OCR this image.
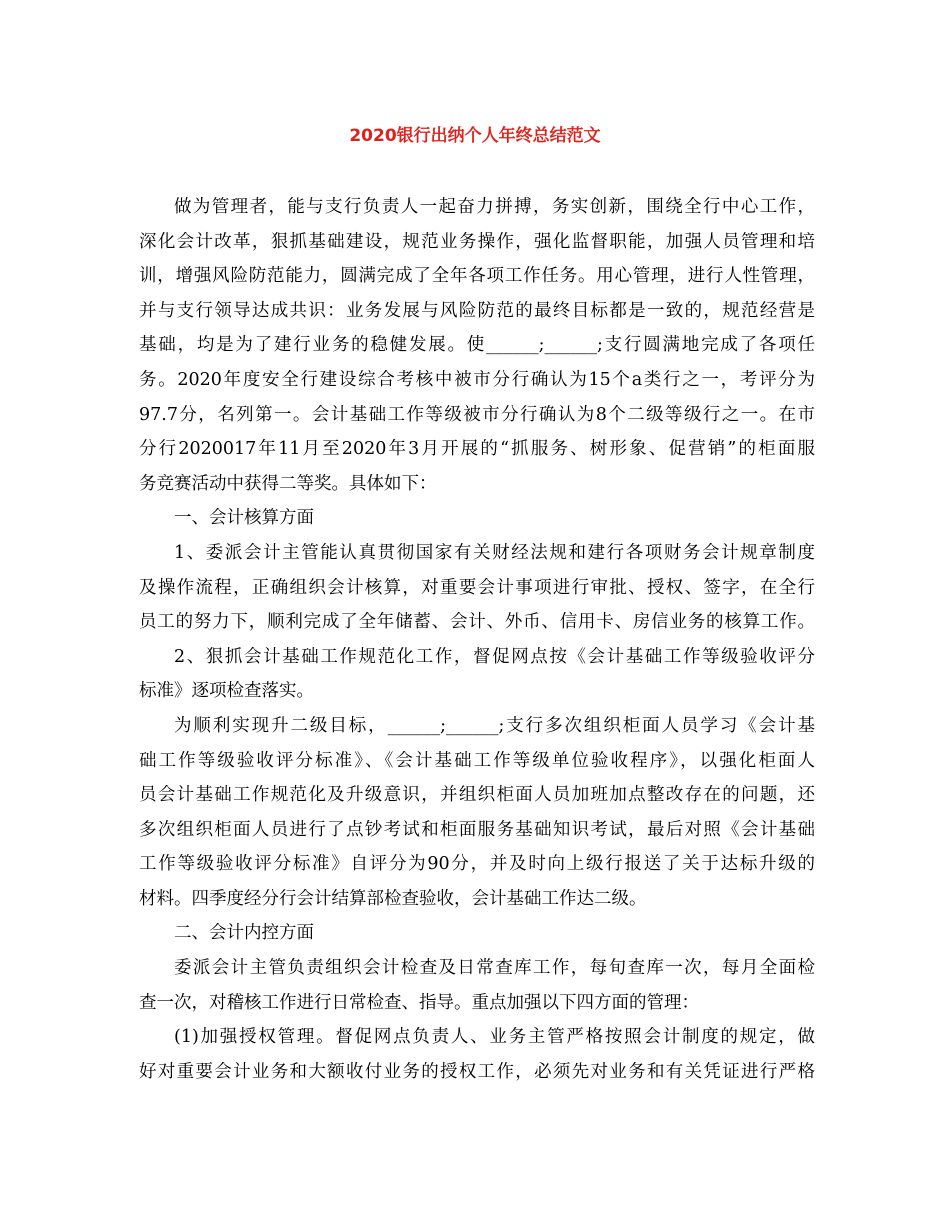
2020银行出纳个人年终总结范文
做为管理者，能与支行负责人一起奋力拼搏，务实创新，围绕全行中心工作，
深化会计改革，狠抓基础建设，规范业务操作，强化监督职能，加强人员管理和培
训，增强风险防范能力，圆满完成了全年各项工作任务。用心管理，进行人性管理，
并与支行领导达成共识：业务发展与风险防范的最终目标都是一致的，规范经营是
基础，均是为了建行业务的稳健发展。使______;______;支行圆满地完成了各项任
务。2020年度安全行建设综合考核中被市分行确认为15个a类行之一，考评分为
97.7分，名列第一。会计基础工作等级被市分行确认为8个二级等级行之一。在市
分行2020017年11月至2020年3月开展的“抓服务、树形象、促营销”的柜面服
务竞赛活动中获得二等奖。具体如下：
一、会计核算方面
1、委派会计主管能认真贯彻国家有关财经法规和建行各项财务会计规章制度
及操作流程，正确组织会计核算，对重要会计事项进行审批、授权、签字，在全行
员工的努力下，顺利完成了全年储蓄、会计、外币、信用卡、房信业务的核算工作。
2、狠抓会计基础工作规范化工作，督促网点按《会计基础工作等级验收评分
标准》逐项检查落实。
为顺利实现升二级目标，______;______;支行多次组织柜面人员学习《会计基
础工作等级验收评分标准》、《会计基础工作等级单位验收程序》，以强化柜面人
员会计基础工作规范化及升级意识，并组织柜面人员加班加点整改存在的问题，还
多次组织柜面人员进行了点钞考试和柜面服务基础知识考试，最后对照《会计基础
工作等级验收评分标准》自评分为90分，并及时向上级行报送了关于达标升级的
材料。四季度经分行会计结算部检查验收，会计基础工作达二级。
二、会计内控方面
委派会计主管负责组织会计检查及日常查库工作，每旬查库一次，每月全面检
查一次，对稽核工作进行日常检查、指导。重点加强以下四方面的管理：
(1)加强授权管理。督促网点负责人、业务主管严格按照会计制度的规定，做
好对重要会计业务和大额收付业务的授权工作，必须先对业务和有关凭证进行严格
